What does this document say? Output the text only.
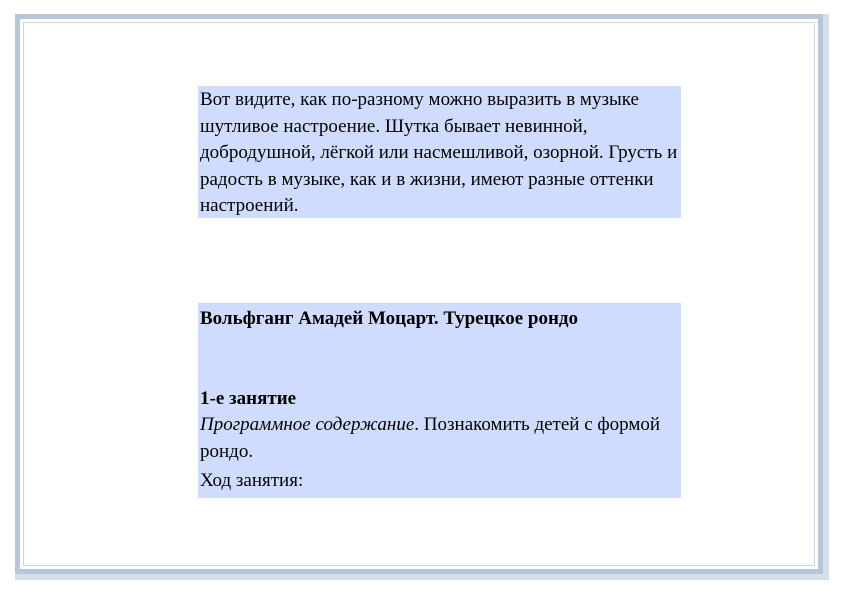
Вот видите, как по-разному можно выразить в музыке шутливое настроение. Шутка бывает невинной, добродушной, лёгкой или насмешливой, озорной. Грусть и радость в музыке, как и в жизни, имеют разные оттенки настроений.
Вольфганг Амадей Моцарт. Турецкое рондо
1-е занятие
Программное содержание. Познакомить детей с формой рондо.
Ход занятия:
